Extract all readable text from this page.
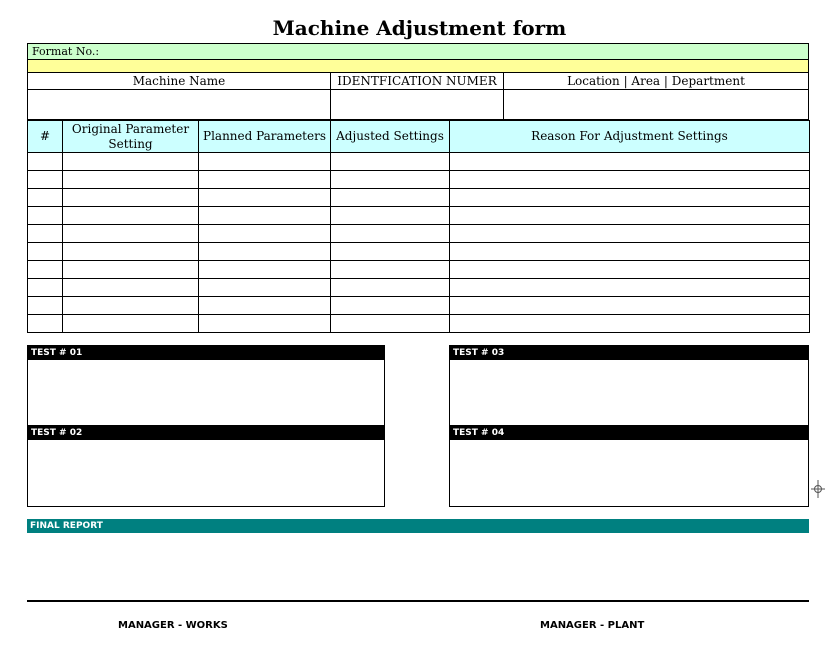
Machine Adjustment form
Format No.:
Machine Name	IDENTFICATION NUMER	Location | Area | Department
#	Original Parameter Setting	Planned Parameters	Adjusted Settings	Reason For Adjustment Settings

TEST # 01
TEST # 02
TEST # 03
TEST # 04
FINAL REPORT
MANAGER - WORKS	MANAGER - PLANT
